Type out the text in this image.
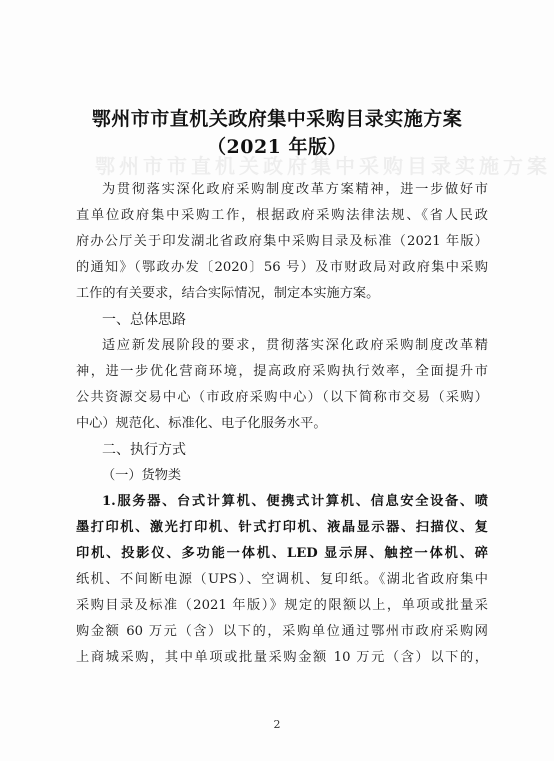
鄂州市市直机关政府集中采购目录实施方案
鄂州市市直机关政府集中采购目录实施方案
（2021 年版）
为贯彻落实深化政府采购制度改革方案精神，进一步做好市
直单位政府集中采购工作，根据政府采购法律法规、《省人民政
府办公厅关于印发湖北省政府集中采购目录及标准（2021 年版）
的通知》（鄂政办发〔2020〕56 号）及市财政局对政府集中采购
工作的有关要求，结合实际情况，制定本实施方案。
一、总体思路
适应新发展阶段的要求，贯彻落实深化政府采购制度改革精
神，进一步优化营商环境，提高政府采购执行效率，全面提升市
公共资源交易中心（市政府采购中心）（以下简称市交易（采购）
中心）规范化、标准化、电子化服务水平。
二、执行方式
（一）货物类
1.服务器、台式计算机、便携式计算机、信息安全设备、喷
墨打印机、激光打印机、针式打印机、液晶显示器、扫描仪、复
印机、投影仪、多功能一体机、LED 显示屏、触控一体机、碎
纸机、不间断电源（UPS）、空调机、复印纸。《湖北省政府集中
采购目录及标准（2021 年版）》规定的限额以上，单项或批量采
购金额 60 万元（含）以下的，采购单位通过鄂州市政府采购网
上商城采购，其中单项或批量采购金额 10 万元（含）以下的，
2
